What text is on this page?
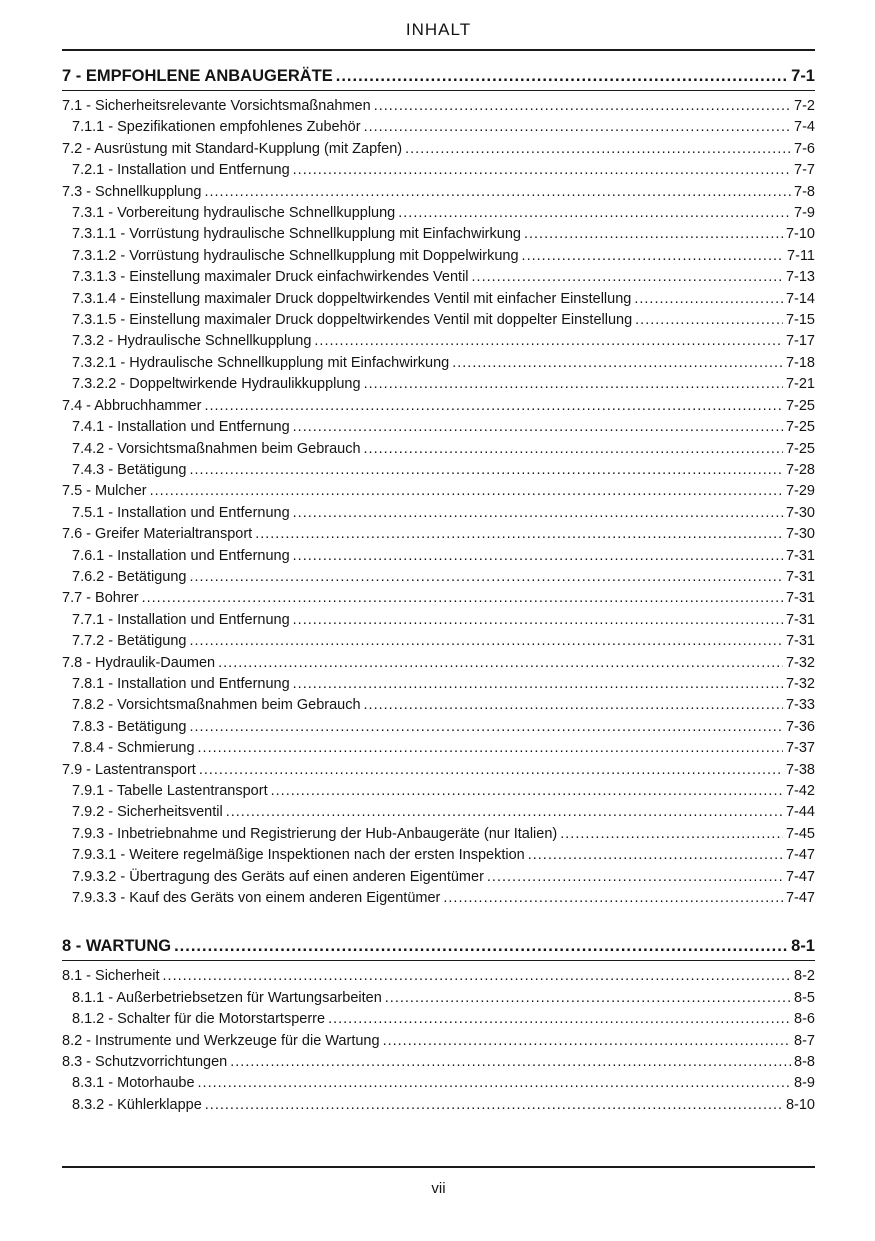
INHALT
7 - EMPFOHLENE ANBAUGERÄTE .....	7-1
7.1 - Sicherheitsrelevante Vorsichtsmaßnahmen .....	7-2
7.1.1 - Spezifikationen empfohlenes Zubehör .....	7-4
7.2 - Ausrüstung mit Standard-Kupplung (mit Zapfen) .....	7-6
7.2.1 - Installation und Entfernung .....	7-7
7.3 - Schnellkupplung .....	7-8
7.3.1 - Vorbereitung hydraulische Schnellkupplung .....	7-9
7.3.1.1 - Vorrüstung hydraulische Schnellkupplung mit Einfachwirkung .....	7-10
7.3.1.2 - Vorrüstung hydraulische Schnellkupplung mit Doppelwirkung .....	7-11
7.3.1.3 - Einstellung maximaler Druck einfachwirkendes Ventil .....	7-13
7.3.1.4 - Einstellung maximaler Druck doppeltwirkendes Ventil mit einfacher Einstellung .....	7-14
7.3.1.5 - Einstellung maximaler Druck doppeltwirkendes Ventil mit doppelter Einstellung .....	7-15
7.3.2 - Hydraulische Schnellkupplung .....	7-17
7.3.2.1 - Hydraulische Schnellkupplung mit Einfachwirkung .....	7-18
7.3.2.2 - Doppeltwirkende Hydraulikkupplung .....	7-21
7.4 - Abbruchhammer .....	7-25
7.4.1 - Installation und Entfernung .....	7-25
7.4.2 - Vorsichtsmaßnahmen beim Gebrauch .....	7-25
7.4.3 - Betätigung .....	7-28
7.5 - Mulcher .....	7-29
7.5.1 - Installation und Entfernung .....	7-30
7.6 - Greifer Materialtransport .....	7-30
7.6.1 - Installation und Entfernung .....	7-31
7.6.2 - Betätigung .....	7-31
7.7 - Bohrer .....	7-31
7.7.1 - Installation und Entfernung .....	7-31
7.7.2 - Betätigung .....	7-31
7.8 - Hydraulik-Daumen .....	7-32
7.8.1 - Installation und Entfernung .....	7-32
7.8.2 - Vorsichtsmaßnahmen beim Gebrauch .....	7-33
7.8.3 - Betätigung .....	7-36
7.8.4 - Schmierung .....	7-37
7.9 - Lastentransport .....	7-38
7.9.1 - Tabelle Lastentransport .....	7-42
7.9.2 - Sicherheitsventil .....	7-44
7.9.3 - Inbetriebnahme und Registrierung der Hub-Anbaugeräte (nur Italien) .....	7-45
7.9.3.1 - Weitere regelmäßige Inspektionen nach der ersten Inspektion .....	7-47
7.9.3.2 - Übertragung des Geräts auf einen anderen Eigentümer .....	7-47
7.9.3.3 - Kauf des Geräts von einem anderen Eigentümer .....	7-47
8 - WARTUNG .....	8-1
8.1 - Sicherheit .....	8-2
8.1.1 - Außerbetriebsetzen für Wartungsarbeiten .....	8-5
8.1.2 - Schalter für die Motorstartsperre .....	8-6
8.2 - Instrumente und Werkzeuge für die Wartung .....	8-7
8.3 - Schutzvorrichtungen .....	8-8
8.3.1 - Motorhaube .....	8-9
8.3.2 - Kühlerklappe .....	8-10
vii
